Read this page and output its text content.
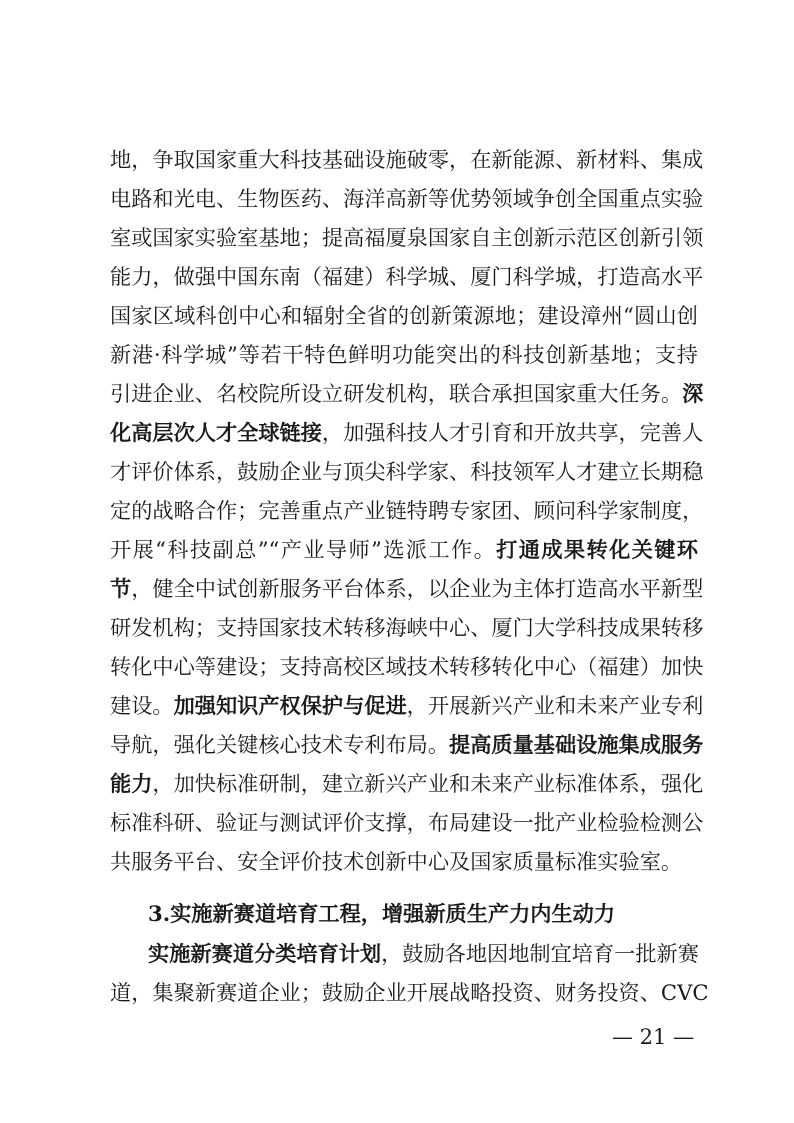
地，争取国家重大科技基础设施破零，在新能源、新材料、集成
电路和光电、生物医药、海洋高新等优势领域争创全国重点实验
室或国家实验室基地；提高福厦泉国家自主创新示范区创新引领
能力，做强中国东南（福建）科学城、厦门科学城，打造高水平
国家区域科创中心和辐射全省的创新策源地；建设漳州“圆山创
新港·科学城”等若干特色鲜明功能突出的科技创新基地；支持
引进企业、名校院所设立研发机构，联合承担国家重大任务。深
化高层次人才全球链接，加强科技人才引育和开放共享，完善人
才评价体系，鼓励企业与顶尖科学家、科技领军人才建立长期稳
定的战略合作；完善重点产业链特聘专家团、顾问科学家制度，
开展“科技副总”“产业导师”选派工作。打通成果转化关键环
节，健全中试创新服务平台体系，以企业为主体打造高水平新型
研发机构；支持国家技术转移海峡中心、厦门大学科技成果转移
转化中心等建设；支持高校区域技术转移转化中心（福建）加快
建设。加强知识产权保护与促进，开展新兴产业和未来产业专利
导航，强化关键核心技术专利布局。提高质量基础设施集成服务
能力，加快标准研制，建立新兴产业和未来产业标准体系，强化
标准科研、验证与测试评价支撑，布局建设一批产业检验检测公
共服务平台、安全评价技术创新中心及国家质量标准实验室。
3.实施新赛道培育工程，增强新质生产力内生动力
实施新赛道分类培育计划，鼓励各地因地制宜培育一批新赛
道，集聚新赛道企业；鼓励企业开展战略投资、财务投资、CVC
— 21 —
